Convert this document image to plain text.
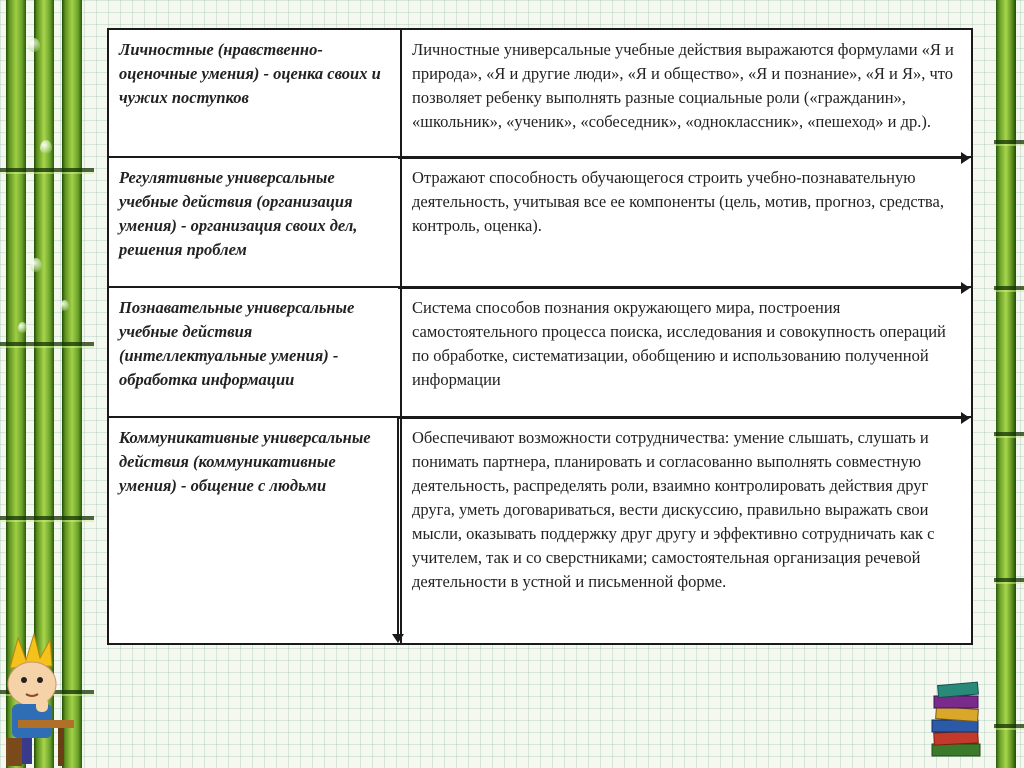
Личностные (нравственно-оценочные умения) - оценка своих и чужих поступков	Личностные универсальные учебные действия выражаются формулами «Я и природа», «Я и другие люди», «Я и общество», «Я и познание», «Я и Я», что позволяет ребенку выполнять разные социальные роли («гражданин», «школьник», «ученик», «собеседник», «одноклассник», «пешеход» и др.).
Регулятивные универсальные учебные действия (организация умения) - организация своих дел, решения проблем	Отражают способность обучающегося строить учебно-познавательную деятельность, учитывая все ее компоненты (цель, мотив, прогноз, средства, контроль, оценка).
Познавательные универсальные учебные действия (интеллектуальные умения) - обработка информации	Система способов познания окружающего мира, построения самостоятельного процесса поиска, исследования и совокупность операций по обработке, систематизации, обобщению и использованию полученной информации
Коммуникативные универсальные действия (коммуникативные умения) - общение с людьми	Обеспечивают возможности сотрудничества: умение слышать, слушать и понимать партнера, планировать и согласованно выполнять совместную деятельность, распределять роли, взаимно контролировать действия друг друга, уметь договариваться, вести дискуссию, правильно выражать свои мысли, оказывать поддержку друг другу и эффективно сотрудничать как с учителем, так и со сверстниками; самостоятельная организация речевой деятельности в устной и письменной форме.
